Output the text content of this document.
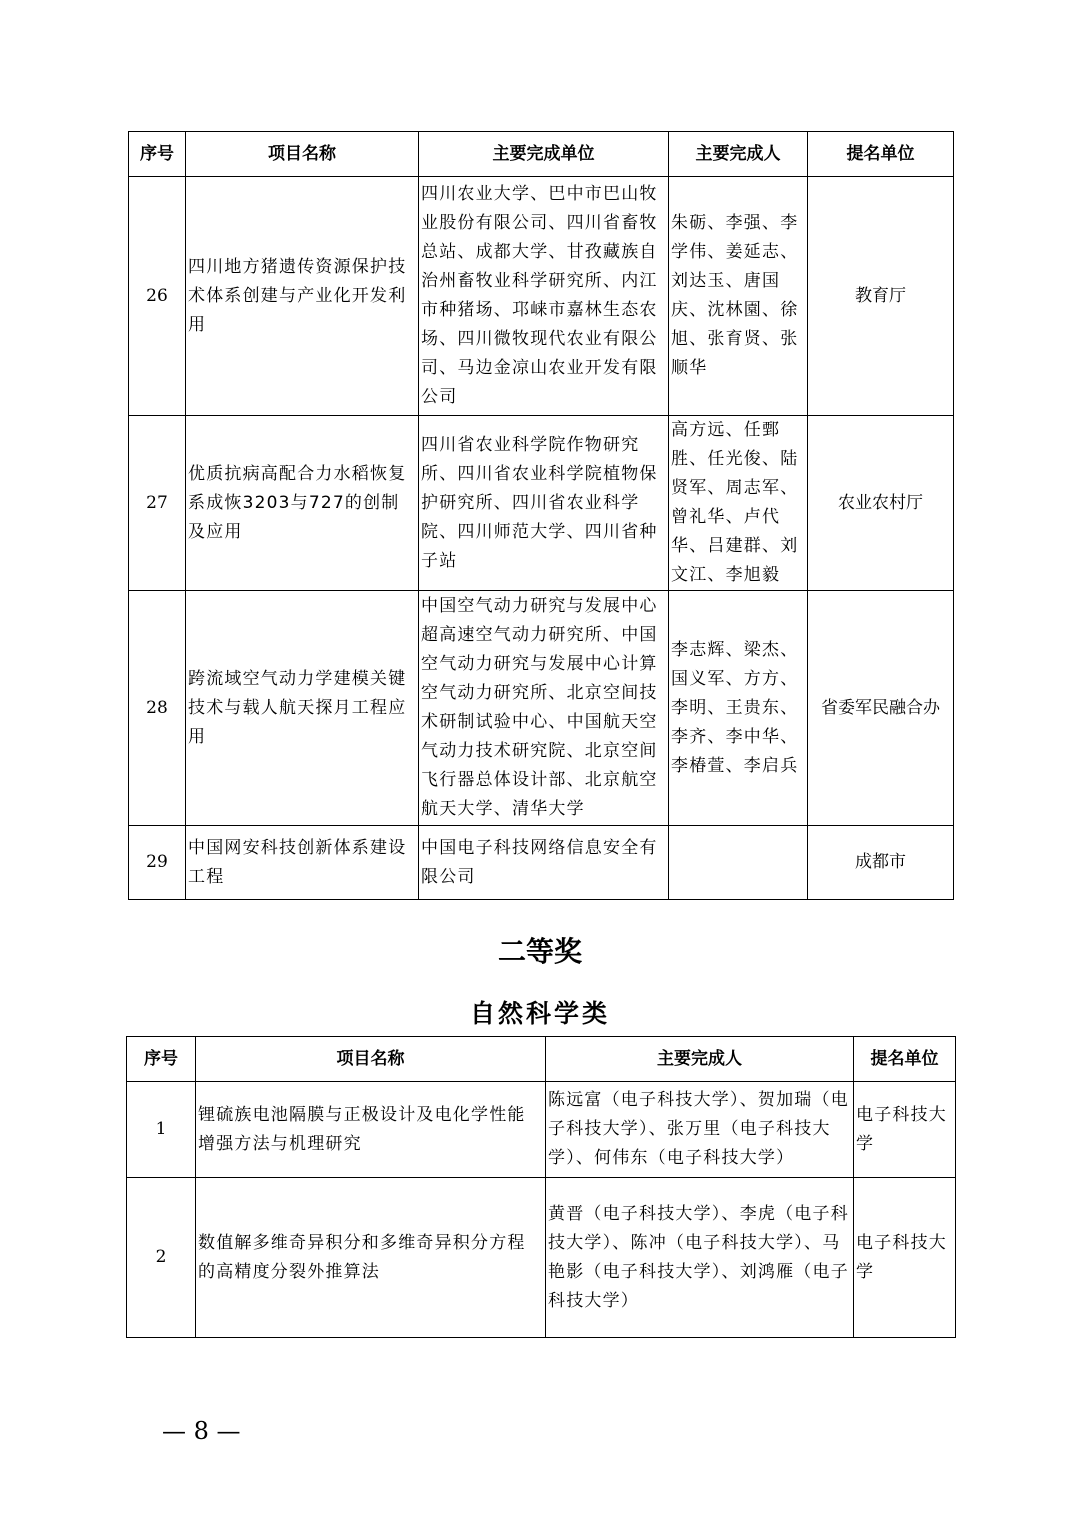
序号	项目名称	主要完成单位	主要完成人	提名单位
26	四川地方猪遗传资源保护技术体系创建与产业化开发利用	四川农业大学、巴中市巴山牧业股份有限公司、四川省畜牧总站、成都大学、甘孜藏族自治州畜牧业科学研究所、内江市种猪场、邛崃市嘉林生态农场、四川微牧现代农业有限公司、马边金凉山农业开发有限公司	朱砺、李强、李学伟、姜延志、刘达玉、唐国庆、沈林園、徐旭、张育贤、张顺华	教育厅
27	优质抗病高配合力水稻恢复系成恢3203与727的创制及应用	四川省农业科学院作物研究所、四川省农业科学院植物保护研究所、四川省农业科学院、四川师范大学、四川省种子站	高方远、任鄄胜、任光俊、陆贤军、周志军、曾礼华、卢代华、吕建群、刘文江、李旭毅	农业农村厅
28	跨流域空气动力学建模关键技术与载人航天探月工程应用	中国空气动力研究与发展中心超高速空气动力研究所、中国空气动力研究与发展中心计算空气动力研究所、北京空间技术研制试验中心、中国航天空气动力技术研究院、北京空间飞行器总体设计部、北京航空航天大学、清华大学	李志辉、梁杰、国义军、方方、李明、王贵东、李齐、李中华、李椿萱、李启兵	省委军民融合办
29	中国网安科技创新体系建设工程	中国电子科技网络信息安全有限公司		成都市
二等奖
自然科学类
序号	项目名称	主要完成人	提名单位
1	锂硫族电池隔膜与正极设计及电化学性能增强方法与机理研究	陈远富（电子科技大学）、贺加瑞（电子科技大学）、张万里（电子科技大学）、何伟东（电子科技大学）	电子科技大学
2	数值解多维奇异积分和多维奇异积分方程的高精度分裂外推算法	黄晋（电子科技大学）、李虎（电子科技大学）、陈冲（电子科技大学）、马艳影（电子科技大学）、刘鸿雁（电子科技大学）	电子科技大学
— 8 —
